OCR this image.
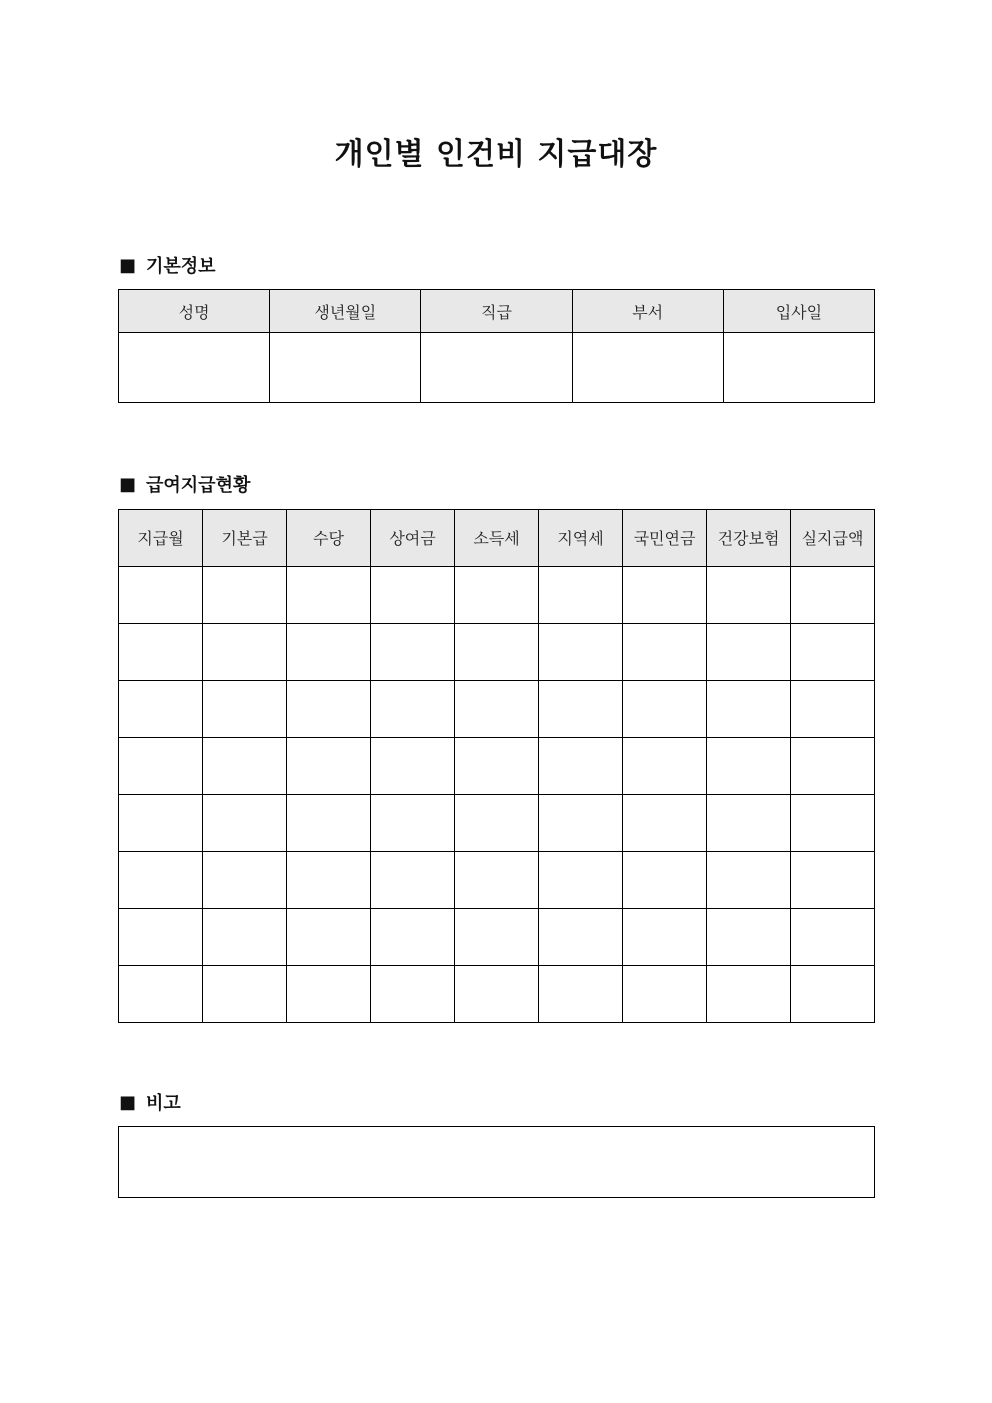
개인별 인건비 지급대장
■ 기본정보
성명	생년월일	직급	부서	입사일

■ 급여지급현황
지급월	기본급	수당	상여금	소득세	지역세	국민연금	건강보험	실지급액

■ 비고
